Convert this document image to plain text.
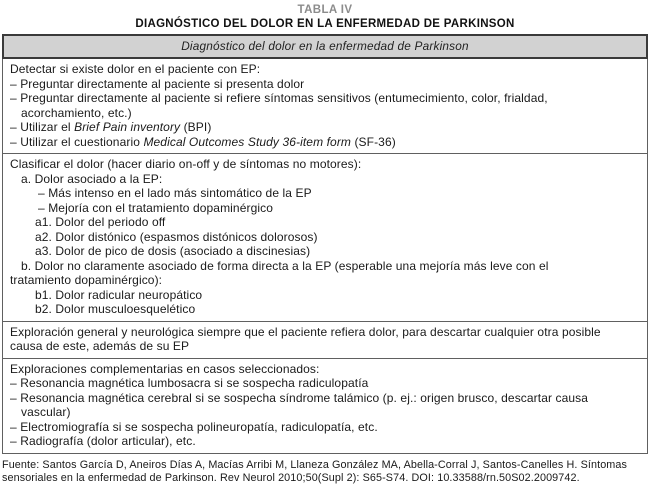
TABLA IV
DIAGNÓSTICO DEL DOLOR EN LA ENFERMEDAD DE PARKINSON
Diagnóstico del dolor en la enfermedad de Parkinson
Detectar si existe dolor en el paciente con EP:
– Preguntar directamente al paciente si presenta dolor
– Preguntar directamente al paciente si refiere síntomas sensitivos (entumecimiento, color, frialdad,
acorchamiento, etc.)
– Utilizar el Brief Pain inventory (BPI)
– Utilizar el cuestionario Medical Outcomes Study 36-item form (SF-36)
Clasificar el dolor (hacer diario on-off y de síntomas no motores):
a. Dolor asociado a la EP:
– Más intenso en el lado más sintomático de la EP
– Mejoría con el tratamiento dopaminérgico
a1. Dolor del periodo off
a2. Dolor distónico (espasmos distónicos dolorosos)
a3. Dolor de pico de dosis (asociado a discinesias)
b. Dolor no claramente asociado de forma directa a la EP (esperable una mejoría más leve con el
tratamiento dopaminérgico):
b1. Dolor radicular neuropático
b2. Dolor musculoesquelético
Exploración general y neurológica siempre que el paciente refiera dolor, para descartar cualquier otra posible
causa de este, además de su EP
Exploraciones complementarias en casos seleccionados:
– Resonancia magnética lumbosacra si se sospecha radiculopatía
– Resonancia magnética cerebral si se sospecha síndrome talámico (p. ej.: origen brusco, descartar causa
vascular)
– Electromiografía si se sospecha polineuropatía, radiculopatía, etc.
– Radiografía (dolor articular), etc.
Fuente: Santos García D, Aneiros Días A, Macías Arribi M, Llaneza González MA, Abella-Corral J, Santos-Canelles H. Síntomas
sensoriales en la enfermedad de Parkinson. Rev Neurol 2010;50(Supl 2): S65-S74. DOI: 10.33588/rn.50S02.2009742.
